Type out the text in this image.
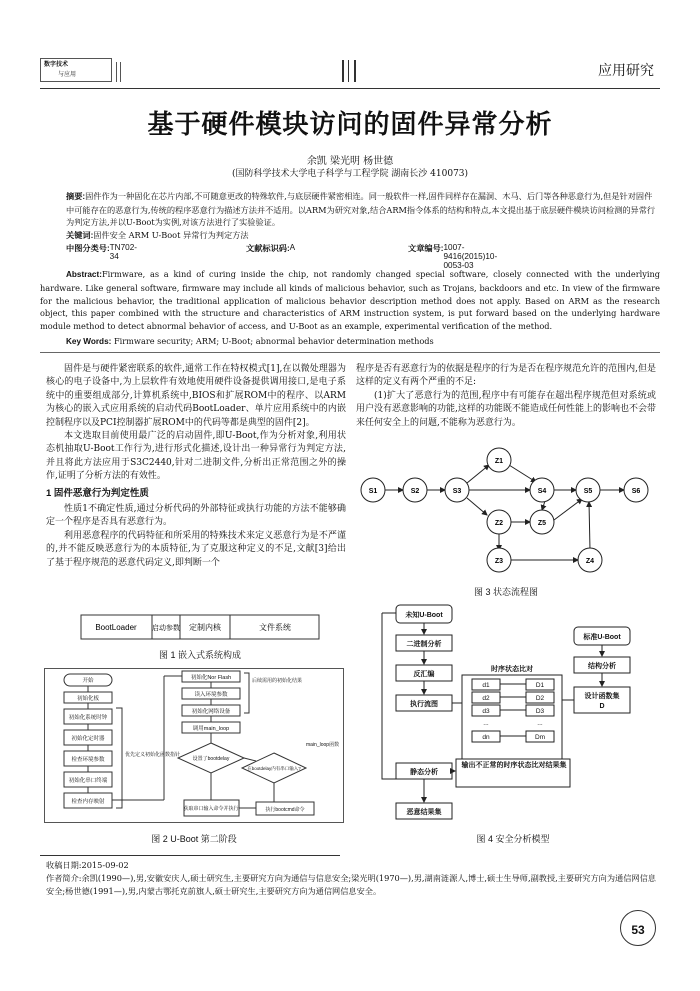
数字技术
与应用	应用研究
基于硬件模块访问的固件异常分析
余凯 梁光明 杨世德
(国防科学技术大学电子科学与工程学院 湖南长沙 410073)
摘要:固件作为一种固化在芯片内部,不可随意更改的特殊软件,与底层硬件紧密相连。同一般软件一样,固件同样存在漏洞、木马、后门等各种恶意行为,但是针对固件中可能存在的恶意行为,传统的程序恶意行为描述方法并不适用。以ARM为研究对象,结合ARM指令体系的结构和特点,本文提出基于底层硬件模块访问检测的异常行为判定方法,并以U-Boot为实例,对该方法进行了实验验证。
关键词:固件安全 ARM U-Boot 异常行为判定方法
中图分类号: TN702-34
文献标识码: A	文章编号: 1007-9416(2015)10-0053-03
Abstract:Firmware, as a kind of curing inside the chip, not randomly changed special software, closely connected with the underlying hardware. Like general software, firmware may include all kinds of malicious behavior, such as Trojans, backdoors and etc. In view of the firmware for the malicious behavior, the traditional application of malicious behavior description method does not apply. Based on ARM as the research object, this paper combined with the structure and characteristics of ARM instruction system, is put forward based on the underlying hardware module method to detect abnormal behavior of access, and U-Boot as an example, experimental verification of the method.
Key Words: Firmware security; ARM; U-Boot; abnormal behavior determination methods

固件是与硬件紧密联系的软件,通常工作在特权模式[1],在以微处理器为核心的电子设备中,为上层软件有效地使用硬件设备提供调用接口,是电子系统中的重要组成部分,计算机系统中,BIOS和扩展ROM中的程序、以ARM为核心的嵌入式应用系统的启动代码BootLoader、单片应用系统中的内嵌控制程序以及PCI控制器扩展ROM中的代码等都是典型的固件[2]。

本文选取目前使用最广泛的启动固件,即U-Boot,作为分析对象,利用状态机抽取U-Boot工作行为,进行形式化描述,设计出一种异常行为判定方法,并且将此方法应用于S3C2440,针对二进制文件,分析出正常范围之外的操作,证明了分析方法的有效性。

1 固件恶意行为判定性质

性质1不确定性质,通过分析代码的外部特征或执行功能的方法不能够确定一个程序是否具有恶意行为。

利用恶意程序的代码特征和所采用的特殊技术来定义恶意行为是不严谨的,并不能反映恶意行为的本质特征,为了克服这种定义的不足,文献[3]给出了基于程序规范的恶意代码定义,即判断一个

程序是否有恶意行为的依据是程序的行为是否在程序规范允许的范围内,但是这样的定义有两个严重的不足:

(1)扩大了恶意行为的范围,程序中有可能存在超出程序规范但对系统或用户没有恶意影响的功能,这样的功能既不能造成任何性能上的影响也不会带来任何安全上的问题,不能称为恶意行为。

BootLoader 启动参数 定制内核	文件系统
图 1 嵌入式系统构成
开始
初始化板
初始化系统时钟
初始化定时器
检查环境参数
初始化串口终端
检查内存映射
优先定义初始化函数指针
初始化Nor Flash
读入环境参数
初始化网络设备
调用main_loop
后续需用的初始化结果
设置了bootdelay
在bootdelay内有串口输入?
main_loop函数
获取串口输入命令并执行	执行bootcmd命令
图 2 U-Boot 第二阶段
S1	S2	S3	S4	S5	S6
Z1
Z2
Z3	Z4
Z5
图 3 状态流程图
未知U-Boot
二进制分析
反汇编
执行流图
静态分析
恶意结果集
标准U-Boot
结构分析
设计函数集
D
时序状态比对
d1
d2
d3
...
dn
D1
D2
D3
...
Dm
输出不正常的时序状态比对结果集
图 4 安全分析模型
收稿日期:2015-09-02
作者简介:余凯(1990—),男,安徽安庆人,硕士研究生,主要研究方向为通信与信息安全;梁光明(1970—),男,湖南涟源人,博士,硕士生导师,副教授,主要研究方向为通信网信息安全;杨世德(1991—),男,内蒙古鄂托克前旗人,硕士研究生,主要研究方向为通信网信息安全。
53
